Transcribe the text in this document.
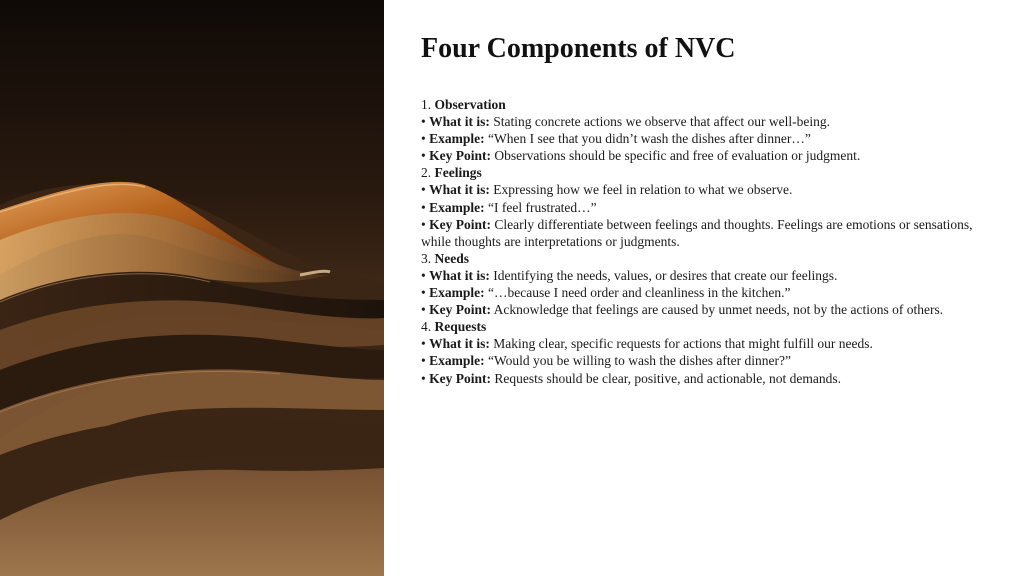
Four Components of NVC
1. Observation
• What it is: Stating concrete actions we observe that affect our well-being.
• Example: “When I see that you didn’t wash the dishes after dinner…”
• Key Point: Observations should be specific and free of evaluation or judgment.
2. Feelings
• What it is: Expressing how we feel in relation to what we observe.
• Example: “I feel frustrated…”
• Key Point: Clearly differentiate between feelings and thoughts. Feelings are emotions or sensations, while thoughts are interpretations or judgments.
3. Needs
• What it is: Identifying the needs, values, or desires that create our feelings.
• Example: “…because I need order and cleanliness in the kitchen.”
• Key Point: Acknowledge that feelings are caused by unmet needs, not by the actions of others.
4. Requests
• What it is: Making clear, specific requests for actions that might fulfill our needs.
• Example: “Would you be willing to wash the dishes after dinner?”
• Key Point: Requests should be clear, positive, and actionable, not demands.
